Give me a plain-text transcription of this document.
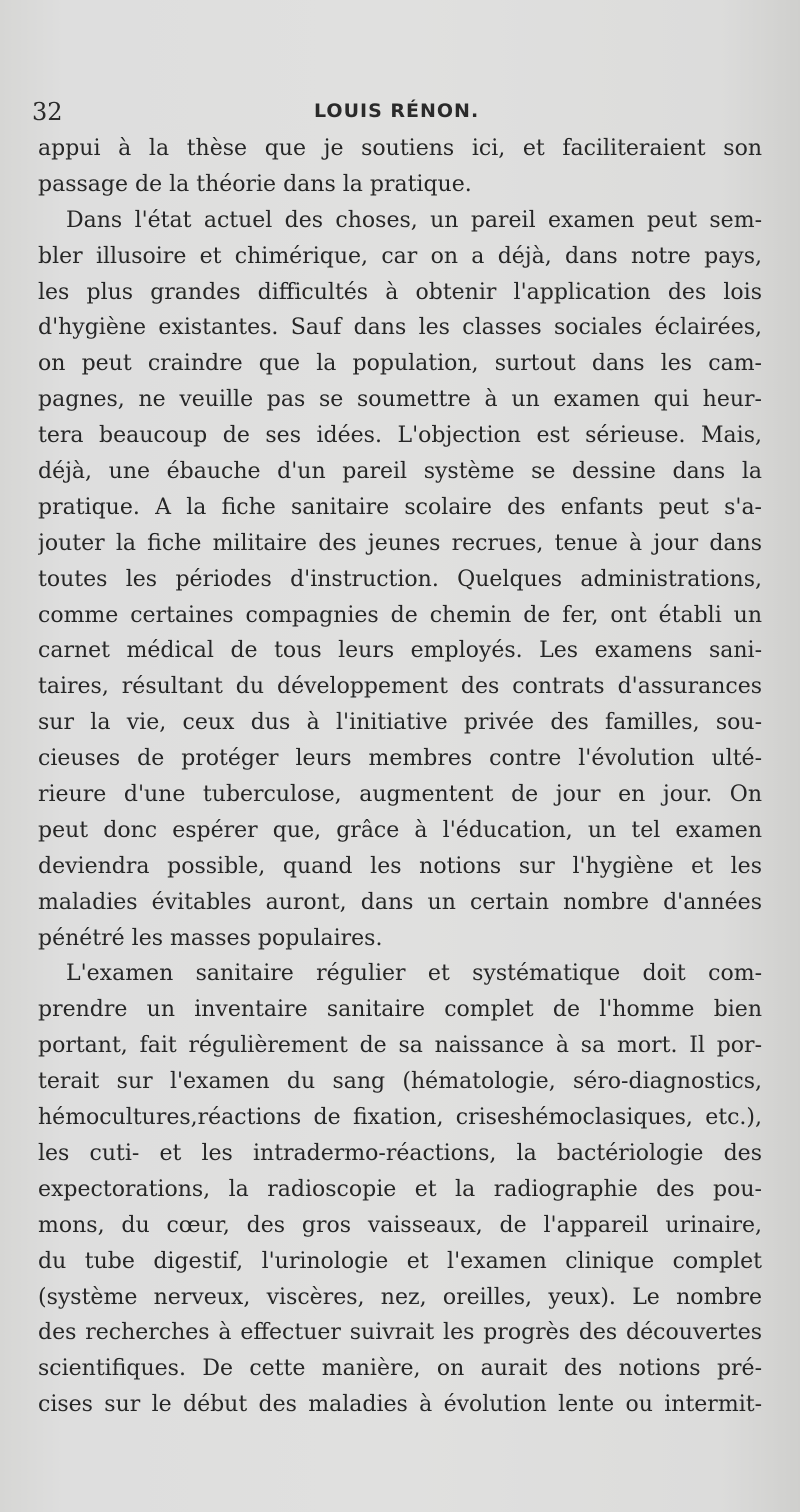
32	LOUIS RÉNON.
appui à la thèse que je soutiens ici, et faciliteraient son
passage de la théorie dans la pratique.
Dans l'état actuel des choses, un pareil examen peut sem-
bler illusoire et chimérique, car on a déjà, dans notre pays,
les plus grandes difficultés à obtenir l'application des lois
d'hygiène existantes. Sauf dans les classes sociales éclairées,
on peut craindre que la population, surtout dans les cam-
pagnes, ne veuille pas se soumettre à un examen qui heur-
tera beaucoup de ses idées. L'objection est sérieuse. Mais,
déjà, une ébauche d'un pareil système se dessine dans la
pratique. A la fiche sanitaire scolaire des enfants peut s'a-
jouter la fiche militaire des jeunes recrues, tenue à jour dans
toutes les périodes d'instruction. Quelques administrations,
comme certaines compagnies de chemin de fer, ont établi un
carnet médical de tous leurs employés. Les examens sani-
taires, résultant du développement des contrats d'assurances
sur la vie, ceux dus à l'initiative privée des familles, sou-
cieuses de protéger leurs membres contre l'évolution ulté-
rieure d'une tuberculose, augmentent de jour en jour. On
peut donc espérer que, grâce à l'éducation, un tel examen
deviendra possible, quand les notions sur l'hygiène et les
maladies évitables auront, dans un certain nombre d'années
pénétré les masses populaires.
L'examen sanitaire régulier et systématique doit com-
prendre un inventaire sanitaire complet de l'homme bien
portant, fait régulièrement de sa naissance à sa mort. Il por-
terait sur l'examen du sang (hématologie, séro-diagnostics,
hémocultures,réactions de fixation, criseshémoclasiques, etc.),
les cuti- et les intradermo-réactions, la bactériologie des
expectorations, la radioscopie et la radiographie des pou-
mons, du cœur, des gros vaisseaux, de l'appareil urinaire,
du tube digestif, l'urinologie et l'examen clinique complet
(système nerveux, viscères, nez, oreilles, yeux). Le nombre
des recherches à effectuer suivrait les progrès des découvertes
scientifiques. De cette manière, on aurait des notions pré-
cises sur le début des maladies à évolution lente ou intermit-
